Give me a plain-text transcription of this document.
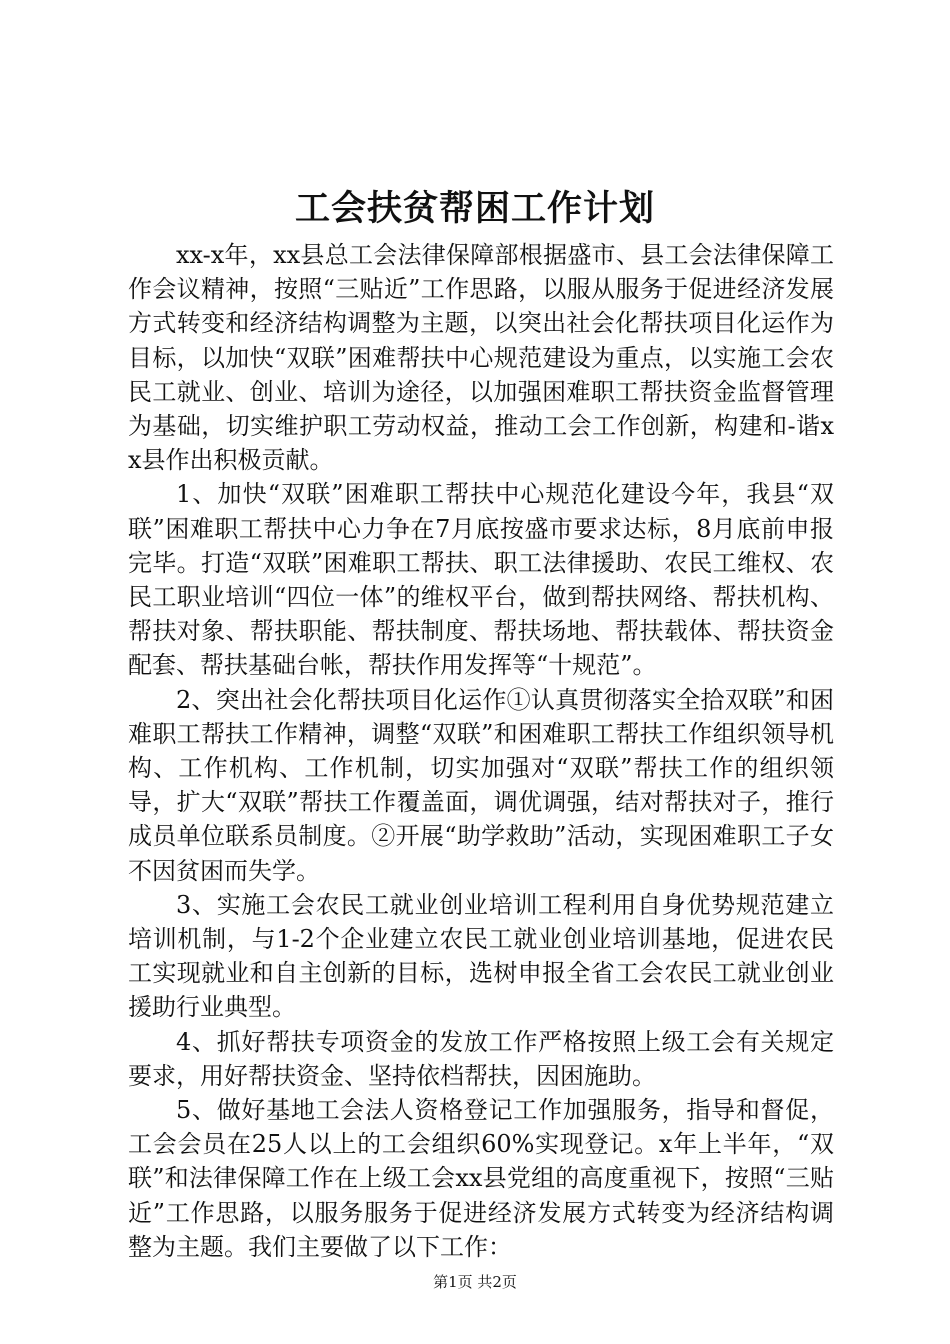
工会扶贫帮困工作计划

xx-x年，xx县总工会法律保障部根据盛市、县工会法律保障工作会议精神，按照“三贴近”工作思路，以服从服务于促进经济发展方式转变和经济结构调整为主题，以突出社会化帮扶项目化运作为目标，以加快“双联”困难帮扶中心规范建设为重点，以实施工会农民工就业、创业、培训为途径，以加强困难职工帮扶资金监督管理为基础，切实维护职工劳动权益，推动工会工作创新，构建和-谐xx县作出积极贡献。

1、加快“双联”困难职工帮扶中心规范化建设今年，我县“双联”困难职工帮扶中心力争在7月底按盛市要求达标，8月底前申报完毕。打造“双联”困难职工帮扶、职工法律援助、农民工维权、农民工职业培训“四位一体”的维权平台，做到帮扶网络、帮扶机构、帮扶对象、帮扶职能、帮扶制度、帮扶场地、帮扶载体、帮扶资金配套、帮扶基础台帐，帮扶作用发挥等“十规范”。

2、突出社会化帮扶项目化运作①认真贯彻落实全拾双联”和困难职工帮扶工作精神，调整“双联”和困难职工帮扶工作组织领导机构、工作机构、工作机制，切实加强对“双联”帮扶工作的组织领导，扩大“双联”帮扶工作覆盖面，调优调强，结对帮扶对子，推行成员单位联系员制度。②开展“助学救助”活动，实现困难职工子女不因贫困而失学。

3、实施工会农民工就业创业培训工程利用自身优势规范建立培训机制，与1-2个企业建立农民工就业创业培训基地，促进农民工实现就业和自主创新的目标，选树申报全省工会农民工就业创业援助行业典型。

4、抓好帮扶专项资金的发放工作严格按照上级工会有关规定要求，用好帮扶资金、坚持依档帮扶，因困施助。

5、做好基地工会法人资格登记工作加强服务，指导和督促，工会会员在25人以上的工会组织60%实现登记。x年上半年，“双联”和法律保障工作在上级工会xx县党组的高度重视下，按照“三贴近”工作思路，以服务服务于促进经济发展方式转变为经济结构调整为主题。我们主要做了以下工作：

第1页 共2页
